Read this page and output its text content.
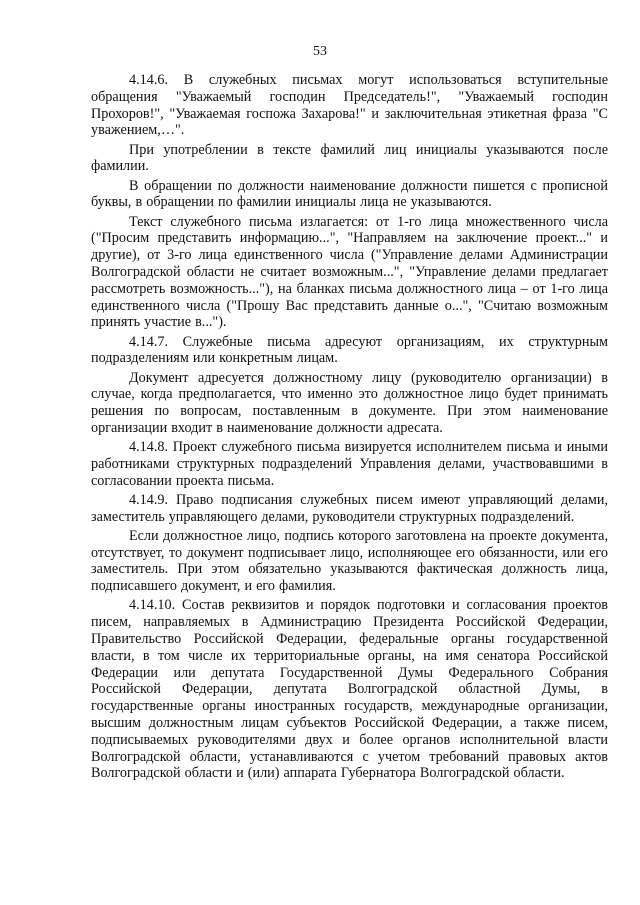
53

4.14.6. В служебных письмах могут использоваться вступительные обращения "Уважаемый господин Председатель!", "Уважаемый господин Прохоров!", "Уважаемая госпожа Захарова!" и заключительная этикетная фраза "С уважением,…".

При употреблении в тексте фамилий лиц инициалы указываются после фамилии.

В обращении по должности наименование должности пишется с прописной буквы, в обращении по фамилии инициалы лица не указываются.

Текст служебного письма излагается: от 1-го лица множественного числа ("Просим представить информацию...", "Направляем на заключение проект..." и другие), от 3-го лица единственного числа ("Управление делами Администрации Волгоградской области не считает возможным...", "Управление делами предлагает рассмотреть возможность..."), на бланках письма должностного лица – от 1-го лица единственного числа ("Прошу Вас представить данные о...", "Считаю возможным принять участие в...").

4.14.7. Служебные письма адресуют организациям, их структурным подразделениям или конкретным лицам.

Документ адресуется должностному лицу (руководителю организации) в случае, когда предполагается, что именно это должностное лицо будет принимать решения по вопросам, поставленным в документе. При этом наименование организации входит в наименование должности адресата.

4.14.8. Проект служебного письма визируется исполнителем письма и иными работниками структурных подразделений Управления делами, участвовавшими в согласовании проекта письма.

4.14.9. Право подписания служебных писем имеют управляющий делами, заместитель управляющего делами, руководители структурных подразделений.

Если должностное лицо, подпись которого заготовлена на проекте документа, отсутствует, то документ подписывает лицо, исполняющее его обязанности, или его заместитель. При этом обязательно указываются фактическая должность лица, подписавшего документ, и его фамилия.

4.14.10. Состав реквизитов и порядок подготовки и согласования проектов писем, направляемых в Администрацию Президента Российской Федерации, Правительство Российской Федерации, федеральные органы государственной власти, в том числе их территориальные органы, на имя сенатора Российской Федерации или депутата Государственной Думы Федерального Собрания Российской Федерации, депутата Волгоградской областной Думы, в государственные органы иностранных государств, международные организации, высшим должностным лицам субъектов Российской Федерации, а также писем, подписываемых руководителями двух и более органов исполнительной власти Волгоградской области, устанавливаются с учетом требований правовых актов Волгоградской области и (или) аппарата Губернатора Волгоградской области.
